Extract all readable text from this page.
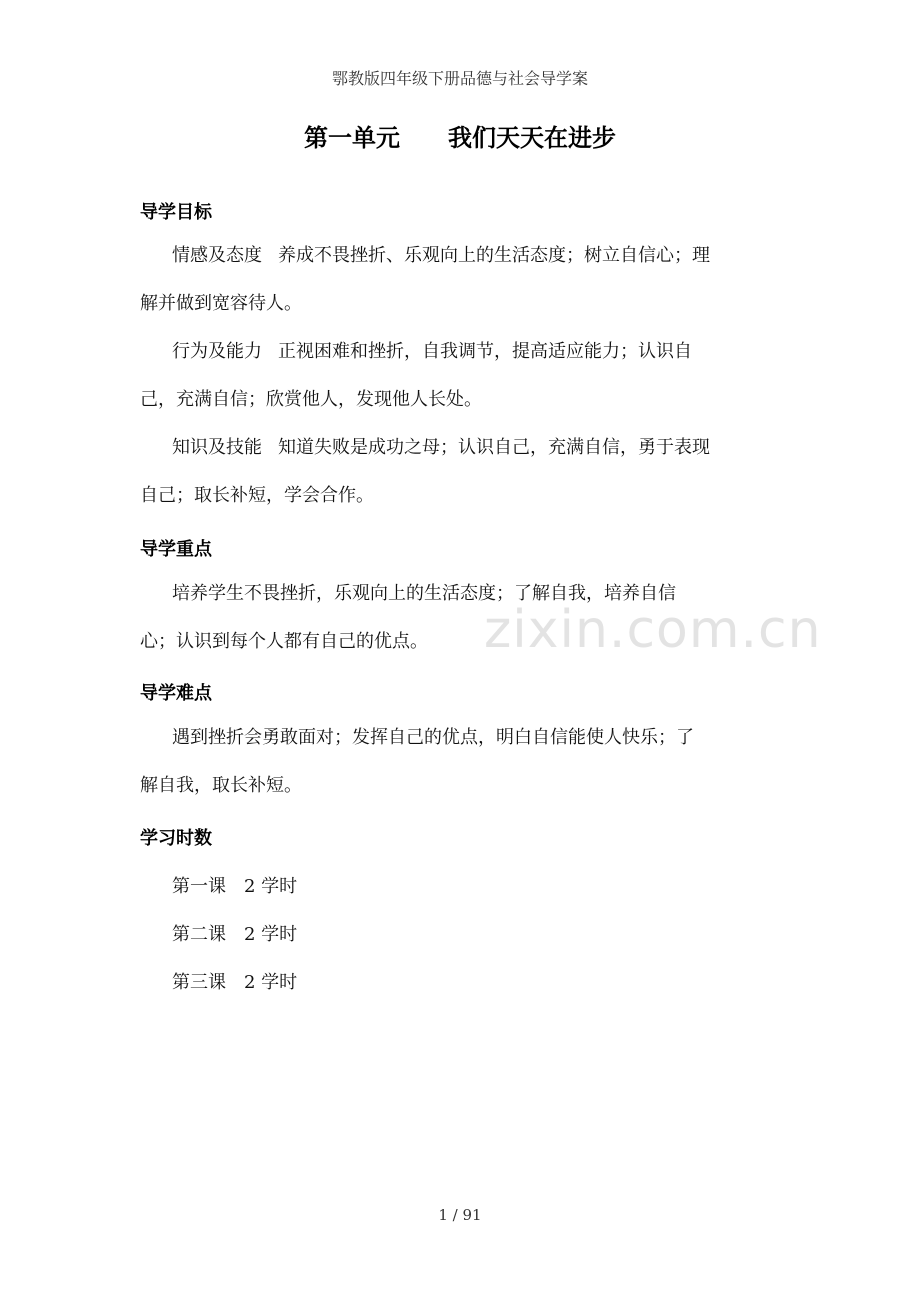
鄂教版四年级下册品德与社会导学案
第一单元　　我们天天在进步
导学目标

情感及态度 养成不畏挫折、乐观向上的生活态度；树立自信心；理解并做到宽容待人。

行为及能力 正视困难和挫折，自我调节，提高适应能力；认识自己，充满自信；欣赏他人，发现他人长处。

知识及技能 知道失败是成功之母；认识自己，充满自信，勇于表现自己；取长补短，学会合作。

导学重点

培养学生不畏挫折，乐观向上的生活态度；了解自我，培养自信心；认识到每个人都有自己的优点。

导学难点

遇到挫折会勇敢面对；发挥自己的优点，明白自信能使人快乐；了解自我，取长补短。

学习时数
第一课　2 学时
第二课　2 学时
第三课　2 学时
zixin.com.cn
1 / 91
